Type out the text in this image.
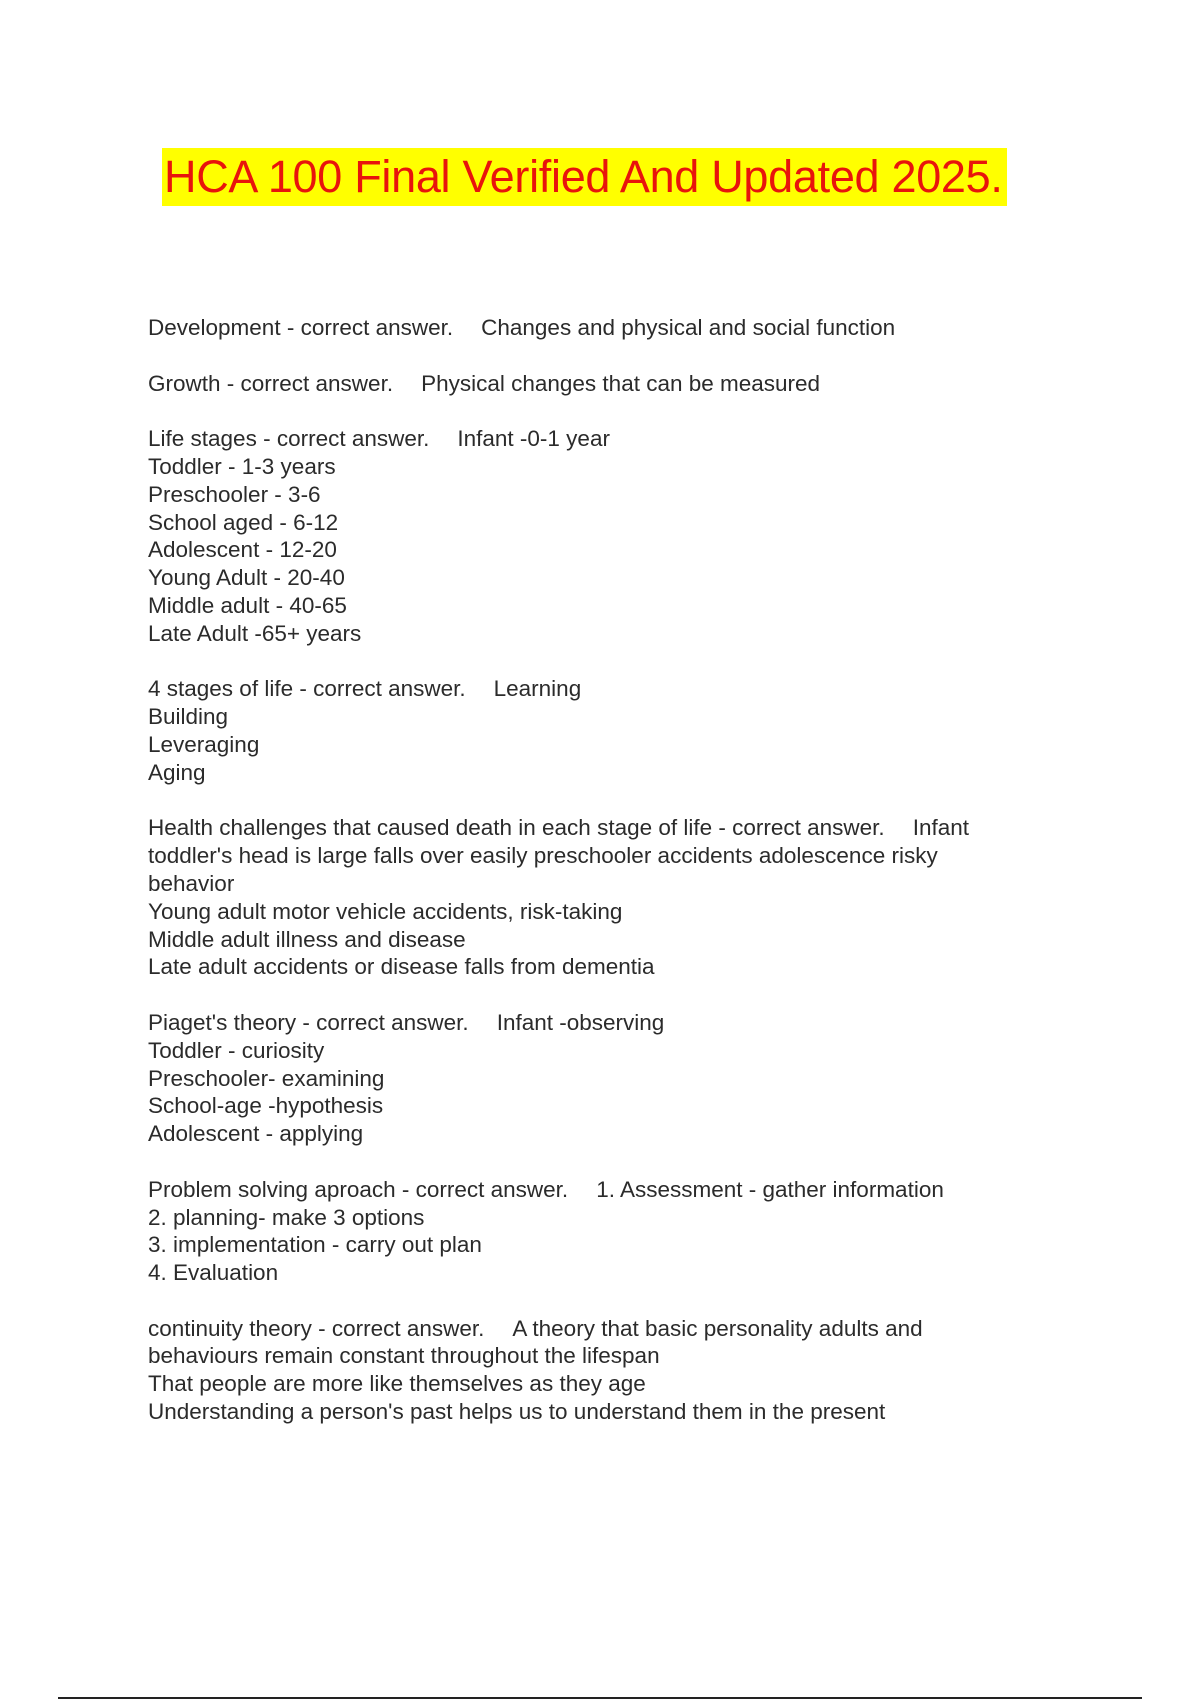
HCA 100 Final Verified And Updated 2025.
Development - correct answer. Changes and physical and social function
Growth - correct answer. Physical changes that can be measured
Life stages - correct answer. Infant -0-1 year
Toddler - 1-3 years
Preschooler - 3-6
School aged - 6-12
Adolescent - 12-20
Young Adult - 20-40
Middle adult - 40-65
Late Adult -65+ years
4 stages of life - correct answer. Learning
Building
Leveraging
Aging
Health challenges that caused death in each stage of life - correct answer. Infant
toddler's head is large falls over easily preschooler accidents adolescence risky
behavior
Young adult motor vehicle accidents, risk-taking
Middle adult illness and disease
Late adult accidents or disease falls from dementia
Piaget's theory - correct answer. Infant -observing
Toddler - curiosity
Preschooler- examining
School-age -hypothesis
Adolescent - applying
Problem solving aproach - correct answer. 1. Assessment - gather information
2. planning- make 3 options
3. implementation - carry out plan
4. Evaluation
continuity theory - correct answer. A theory that basic personality adults and
behaviours remain constant throughout the lifespan
That people are more like themselves as they age
Understanding a person's past helps us to understand them in the present
